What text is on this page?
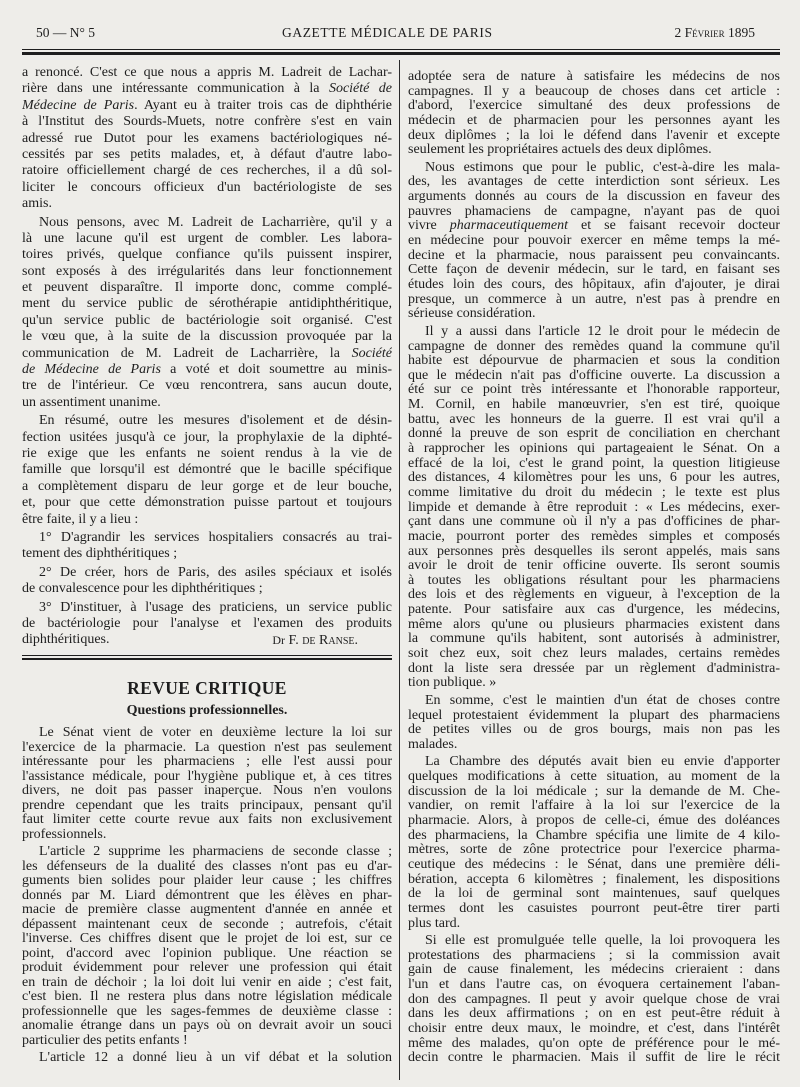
50 — N° 5	GAZETTE MÉDICALE DE PARIS	2 Février 1895
a renoncé. C'est ce que nous a appris M. Ladreit de Lachar-
rière dans une intéressante communication à la Société de
Médecine de Paris. Ayant eu à traiter trois cas de diphthérie
à l'Institut des Sourds-Muets, notre confrère s'est en vain
adressé rue Dutot pour les examens bactériologiques né-
cessités par ses petits malades, et, à défaut d'autre labo-
ratoire officiellement chargé de ces recherches, il a dû sol-
liciter le concours officieux d'un bactériologiste de ses
amis.
Nous pensons, avec M. Ladreit de Lacharrière, qu'il y a
là une lacune qu'il est urgent de combler. Les labora-
toires privés, quelque confiance qu'ils puissent inspirer,
sont exposés à des irrégularités dans leur fonctionnement
et peuvent disparaître. Il importe donc, comme complé-
ment du service public de sérothérapie antidiphthéritique,
qu'un service public de bactériologie soit organisé. C'est
le vœu que, à la suite de la discussion provoquée par la
communication de M. Ladreit de Lacharrière, la Société
de Médecine de Paris a voté et doit soumettre au minis-
tre de l'intérieur. Ce vœu rencontrera, sans aucun doute,
un assentiment unanime.
En résumé, outre les mesures d'isolement et de désin-
fection usitées jusqu'à ce jour, la prophylaxie de la diphté-
rie exige que les enfants ne soient rendus à la vie de
famille que lorsqu'il est démontré que le bacille spécifique
a complètement disparu de leur gorge et de leur bouche,
et, pour que cette démonstration puisse partout et toujours
être faite, il y a lieu :
1° D'agrandir les services hospitaliers consacrés au trai-
tement des diphthéritiques ;
2° De créer, hors de Paris, des asiles spéciaux et isolés
de convalescence pour les diphthéritiques ;
3° D'instituer, à l'usage des praticiens, un service public
de bactériologie pour l'analyse et l'examen des produits
Dr F. de Ranse.
diphthéritiques.
REVUE CRITIQUE
Questions professionnelles.
Le Sénat vient de voter en deuxième lecture la loi sur
l'exercice de la pharmacie. La question n'est pas seulement
intéressante pour les pharmaciens ; elle l'est aussi pour
l'assistance médicale, pour l'hygiène publique et, à ces titres
divers, ne doit pas passer inaperçue. Nous n'en voulons
prendre cependant que les traits principaux, pensant qu'il
faut limiter cette courte revue aux faits non exclusivement
professionnels.
L'article 2 supprime les pharmaciens de seconde classe ;
les défenseurs de la dualité des classes n'ont pas eu d'ar-
guments bien solides pour plaider leur cause ; les chiffres
donnés par M. Liard démontrent que les élèves en phar-
macie de première classe augmentent d'année en année et
dépassent maintenant ceux de seconde ; autrefois, c'était
l'inverse. Ces chiffres disent que le projet de loi est, sur ce
point, d'accord avec l'opinion publique. Une réaction se
produit évidemment pour relever une profession qui était
en train de déchoir ; la loi doit lui venir en aide ; c'est fait,
c'est bien. Il ne restera plus dans notre législation médicale
professionnelle que les sages-femmes de deuxième classe :
anomalie étrange dans un pays où on devrait avoir un souci
particulier des petits enfants !
L'article 12 a donné lieu à un vif débat et la solution
adoptée sera de nature à satisfaire les médecins de nos
campagnes. Il y a beaucoup de choses dans cet article :
d'abord, l'exercice simultané des deux professions de
médecin et de pharmacien pour les personnes ayant les
deux diplômes ; la loi le défend dans l'avenir et excepte
seulement les propriétaires actuels des deux diplômes.
Nous estimons que pour le public, c'est-à-dire les mala-
des, les avantages de cette interdiction sont sérieux. Les
arguments donnés au cours de la discussion en faveur des
pauvres phamaciens de campagne, n'ayant pas de quoi
vivre pharmaceutiquement et se faisant recevoir docteur
en médecine pour pouvoir exercer en même temps la mé-
decine et la pharmacie, nous paraissent peu convaincants.
Cette façon de devenir médecin, sur le tard, en faisant ses
études loin des cours, des hôpitaux, afin d'ajouter, je dirai
presque, un commerce à un autre, n'est pas à prendre en
sérieuse considération.
Il y a aussi dans l'article 12 le droit pour le médecin de
campagne de donner des remèdes quand la commune qu'il
habite est dépourvue de pharmacien et sous la condition
que le médecin n'ait pas d'officine ouverte. La discussion a
été sur ce point très intéressante et l'honorable rapporteur,
M. Cornil, en habile manœuvrier, s'en est tiré, quoique
battu, avec les honneurs de la guerre. Il est vrai qu'il a
donné la preuve de son esprit de conciliation en cherchant
à rapprocher les opinions qui partageaient le Sénat. On a
effacé de la loi, c'est le grand point, la question litigieuse
des distances, 4 kilomètres pour les uns, 6 pour les autres,
comme limitative du droit du médecin ; le texte est plus
limpide et demande à être reproduit : « Les médecins, exer-
çant dans une commune où il n'y a pas d'officines de phar-
macie, pourront porter des remèdes simples et composés
aux personnes près desquelles ils seront appelés, mais sans
avoir le droit de tenir officine ouverte. Ils seront soumis
à toutes les obligations résultant pour les pharmaciens
des lois et des règlements en vigueur, à l'exception de la
patente. Pour satisfaire aux cas d'urgence, les médecins,
même alors qu'une ou plusieurs pharmacies existent dans
la commune qu'ils habitent, sont autorisés à administrer,
soit chez eux, soit chez leurs malades, certains remèdes
dont la liste sera dressée par un règlement d'administra-
tion publique. »
En somme, c'est le maintien d'un état de choses contre
lequel protestaient évidemment la plupart des pharmaciens
de petites villes ou de gros bourgs, mais non pas les
malades.
La Chambre des députés avait bien eu envie d'apporter
quelques modifications à cette situation, au moment de la
discussion de la loi médicale ; sur la demande de M. Che-
vandier, on remit l'affaire à la loi sur l'exercice de la
pharmacie. Alors, à propos de celle-ci, émue des doléances
des pharmaciens, la Chambre spécifia une limite de 4 kilo-
mètres, sorte de zône protectrice pour l'exercice pharma-
ceutique des médecins : le Sénat, dans une première déli-
bération, accepta 6 kilomètres ; finalement, les dispositions
de la loi de germinal sont maintenues, sauf quelques
termes dont les casuistes pourront peut-être tirer parti
plus tard.
Si elle est promulguée telle quelle, la loi provoquera les
protestations des pharmaciens ; si la commission avait
gain de cause finalement, les médecins crieraient : dans
l'un et dans l'autre cas, on évoquera certainement l'aban-
don des campagnes. Il peut y avoir quelque chose de vrai
dans les deux affirmations ; on en est peut-être réduit à
choisir entre deux maux, le moindre, et c'est, dans l'intérêt
même des malades, qu'on opte de préférence pour le mé-
decin contre le pharmacien. Mais il suffit de lire le récit
